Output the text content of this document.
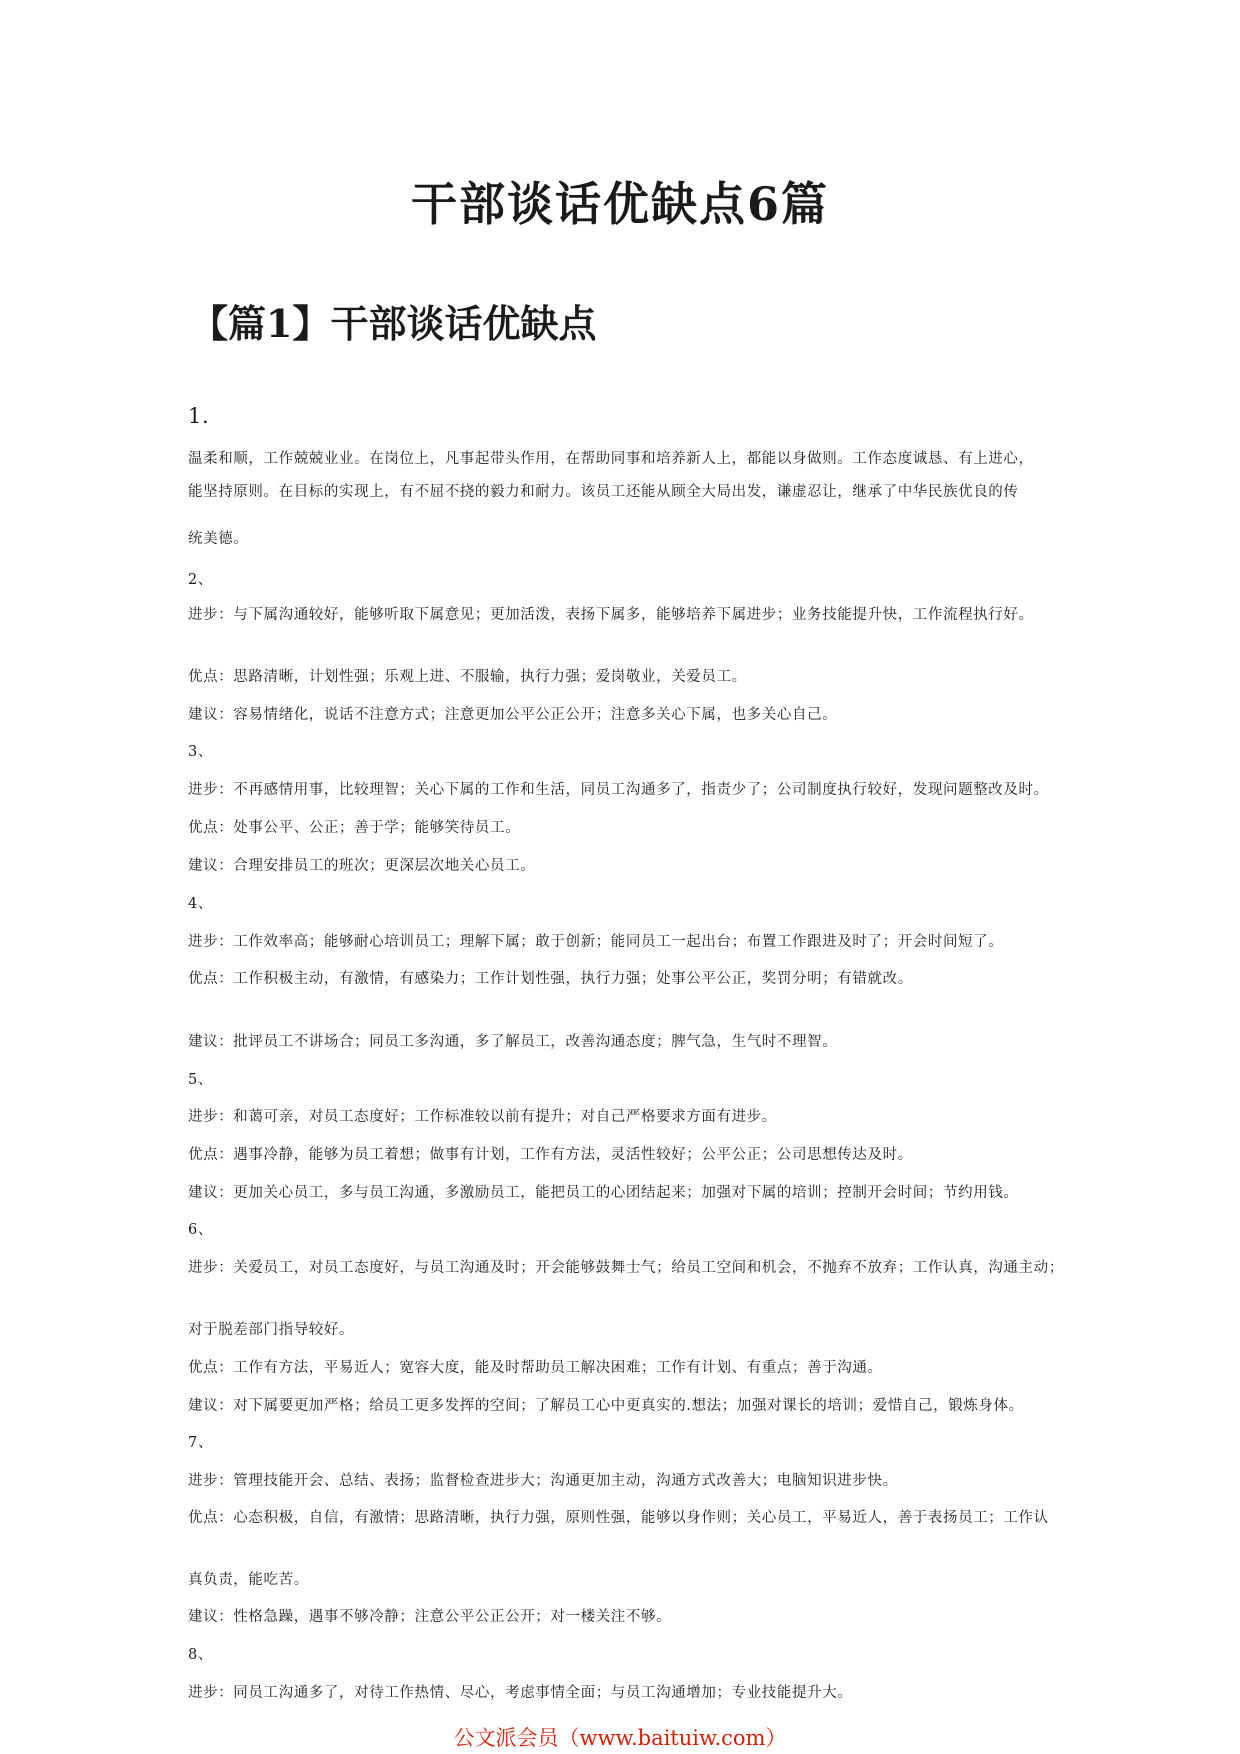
干部谈话优缺点6篇
【篇1】干部谈话优缺点
1.
温柔和顺，工作兢兢业业。在岗位上，凡事起带头作用，在帮助同事和培养新人上，都能以身做则。工作态度诚恳、有上进心，
能坚持原则。在目标的实现上，有不屈不挠的毅力和耐力。该员工还能从顾全大局出发，谦虚忍让，继承了中华民族优良的传
统美德。
2、
进步：与下属沟通较好，能够听取下属意见；更加活泼，表扬下属多，能够培养下属进步；业务技能提升快，工作流程执行好。
优点：思路清晰，计划性强；乐观上进、不服输，执行力强；爱岗敬业，关爱员工。
建议：容易情绪化，说话不注意方式；注意更加公平公正公开；注意多关心下属，也多关心自己。
3、
进步：不再感情用事，比较理智；关心下属的工作和生活，同员工沟通多了，指责少了；公司制度执行较好，发现问题整改及时。
优点：处事公平、公正；善于学；能够笑待员工。
建议：合理安排员工的班次；更深层次地关心员工。
4、
进步：工作效率高；能够耐心培训员工；理解下属；敢于创新；能同员工一起出台；布置工作跟进及时了；开会时间短了。
优点：工作积极主动，有激情，有感染力；工作计划性强，执行力强；处事公平公正，奖罚分明；有错就改。
建议：批评员工不讲场合；同员工多沟通，多了解员工，改善沟通态度；脾气急，生气时不理智。
5、
进步：和蔼可亲，对员工态度好；工作标准较以前有提升；对自己严格要求方面有进步。
优点：遇事冷静，能够为员工着想；做事有计划，工作有方法，灵活性较好；公平公正；公司思想传达及时。
建议：更加关心员工，多与员工沟通，多激励员工，能把员工的心团结起来；加强对下属的培训；控制开会时间；节约用钱。
6、
进步：关爱员工，对员工态度好，与员工沟通及时；开会能够鼓舞士气；给员工空间和机会，不抛弃不放弃；工作认真，沟通主动；
对于脱差部门指导较好。
优点：工作有方法，平易近人；宽容大度，能及时帮助员工解决困难；工作有计划、有重点；善于沟通。
建议：对下属要更加严格；给员工更多发挥的空间；了解员工心中更真实的.想法；加强对课长的培训；爱惜自己，锻炼身体。
7、
进步：管理技能开会、总结、表扬；监督检查进步大；沟通更加主动，沟通方式改善大；电脑知识进步快。
优点：心态积极，自信，有激情；思路清晰，执行力强，原则性强，能够以身作则；关心员工，平易近人，善于表扬员工；工作认
真负责，能吃苦。
建议：性格急躁，遇事不够冷静；注意公平公正公开；对一楼关注不够。
8、
进步：同员工沟通多了，对待工作热情、尽心，考虑事情全面；与员工沟通增加；专业技能提升大。
公文派会员（www.baituiw.com）
